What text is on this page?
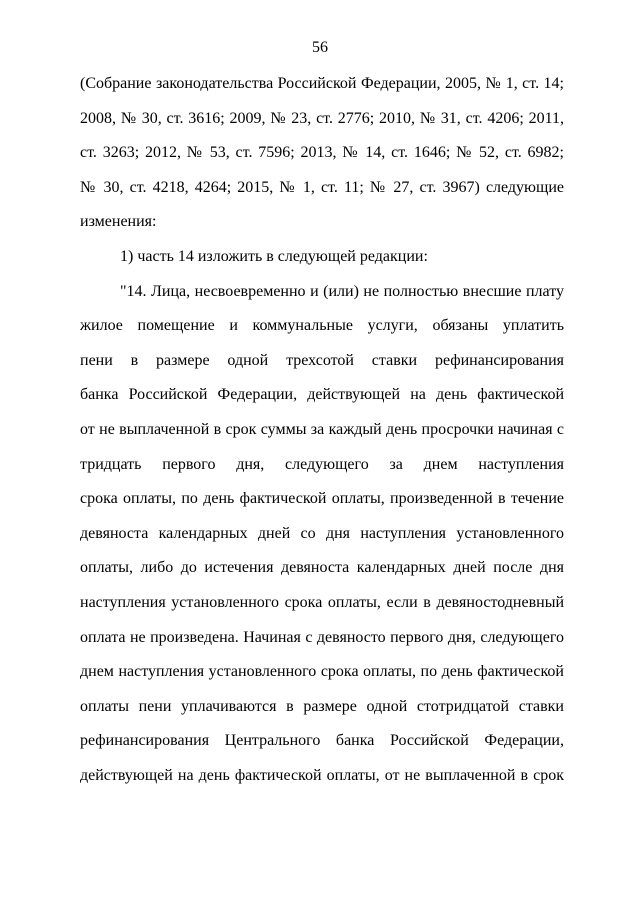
56
(Собрание законодательства Российской Федерации, 2005, № 1, ст. 14;
2008, № 30, ст. 3616; 2009, № 23, ст. 2776; 2010, № 31, ст. 4206; 2011,
ст. 3263; 2012, № 53, ст. 7596; 2013, № 14, ст. 1646; № 52, ст. 6982;
№ 30, ст. 4218, 4264; 2015, № 1, ст. 11; № 27, ст. 3967) следующие
изменения:
1) часть 14 изложить в следующей редакции:
"14. Лица, несвоевременно и (или) не полностью внесшие плату
жилое помещение и коммунальные услуги, обязаны уплатить
пени в размере одной трехсотой ставки рефинансирования
банка Российской Федерации, действующей на день фактической
от не выплаченной в срок суммы за каждый день просрочки начиная с
тридцать первого дня, следующего за днем наступления
срока оплаты, по день фактической оплаты, произведенной в течение
девяноста календарных дней со дня наступления установленного
оплаты, либо до истечения девяноста календарных дней после дня
наступления установленного срока оплаты, если в девяностодневный
оплата не произведена. Начиная с девяносто первого дня, следующего
днем наступления установленного срока оплаты, по день фактической
оплаты пени уплачиваются в размере одной стотридцатой ставки
рефинансирования Центрального банка Российской Федерации,
действующей на день фактической оплаты, от не выплаченной в срок
